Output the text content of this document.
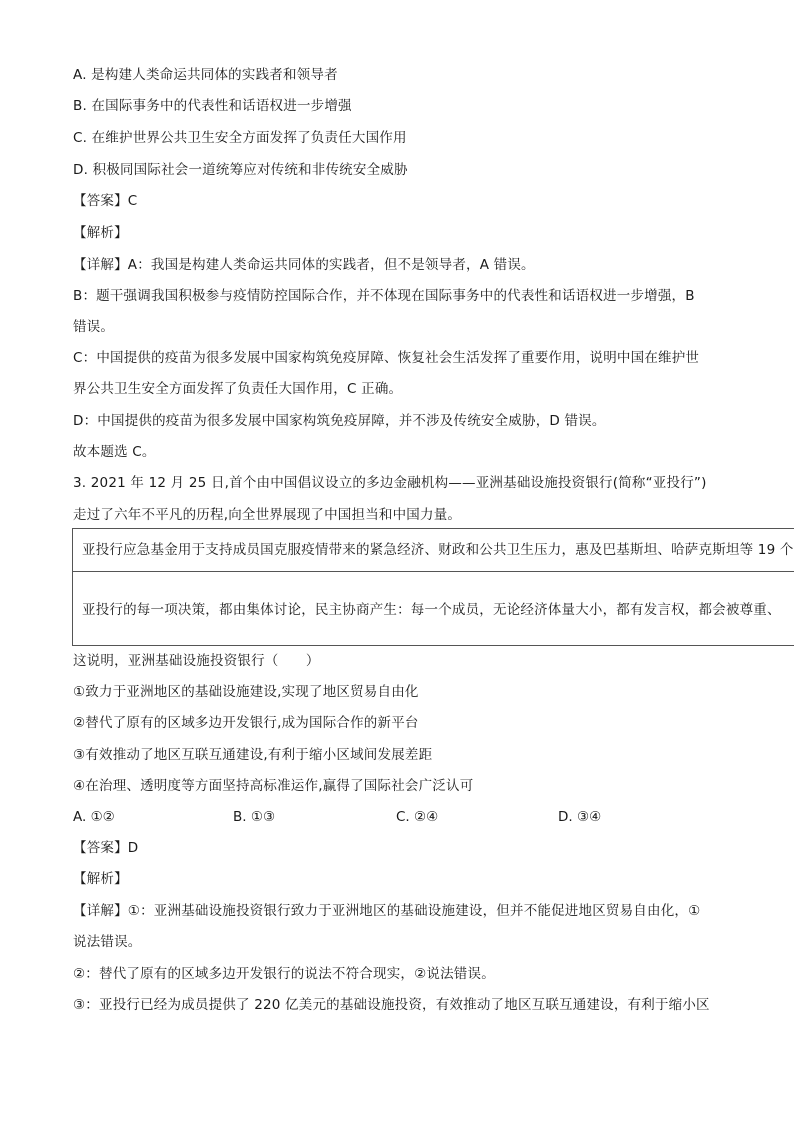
A. 是构建人类命运共同体的实践者和领导者
B. 在国际事务中的代表性和话语权进一步增强
C. 在维护世界公共卫生安全方面发挥了负责任大国作用
D. 积极同国际社会一道统筹应对传统和非传统安全威胁
【答案】C
【解析】
【详解】A：我国是构建人类命运共同体的实践者，但不是领导者，A 错误。
B：题干强调我国积极参与疫情防控国际合作，并不体现在国际事务中的代表性和话语权进一步增强，B
错误。
C：中国提供的疫苗为很多发展中国家构筑免疫屏障、恢复社会生活发挥了重要作用，说明中国在维护世
界公共卫生安全方面发挥了负责任大国作用，C 正确。
D：中国提供的疫苗为很多发展中国家构筑免疫屏障，并不涉及传统安全威胁，D 错误。
故本题选 C。
3. 2021 年 12 月 25 日,首个由中国倡议设立的多边金融机构——亚洲基础设施投资银行(简称“亚投行”)
走过了六年不平凡的历程,向全世界展现了中国担当和中国力量。
亚投行应急基金用于支持成员国克服疫情带来的紧急经济、财政和公共卫生压力，惠及巴基斯坦、哈萨克斯坦等 19 个
亚投行的每一项决策，都由集体讨论，民主协商产生：每一个成员，无论经济体量大小，都有发言权，都会被尊重、
这说明，亚洲基础设施投资银行（　　）
①致力于亚洲地区的基础设施建设,实现了地区贸易自由化
②替代了原有的区域多边开发银行,成为国际合作的新平台
③有效推动了地区互联互通建设,有利于缩小区域间发展差距
④在治理、透明度等方面坚持高标准运作,赢得了国际社会广泛认可
A. ①②	B. ①③	C. ②④	D. ③④
【答案】D
【解析】
【详解】①：亚洲基础设施投资银行致力于亚洲地区的基础设施建设，但并不能促进地区贸易自由化，①
说法错误。
②：替代了原有的区域多边开发银行的说法不符合现实，②说法错误。
③：亚投行已经为成员提供了 220 亿美元的基础设施投资，有效推动了地区互联互通建设，有利于缩小区
